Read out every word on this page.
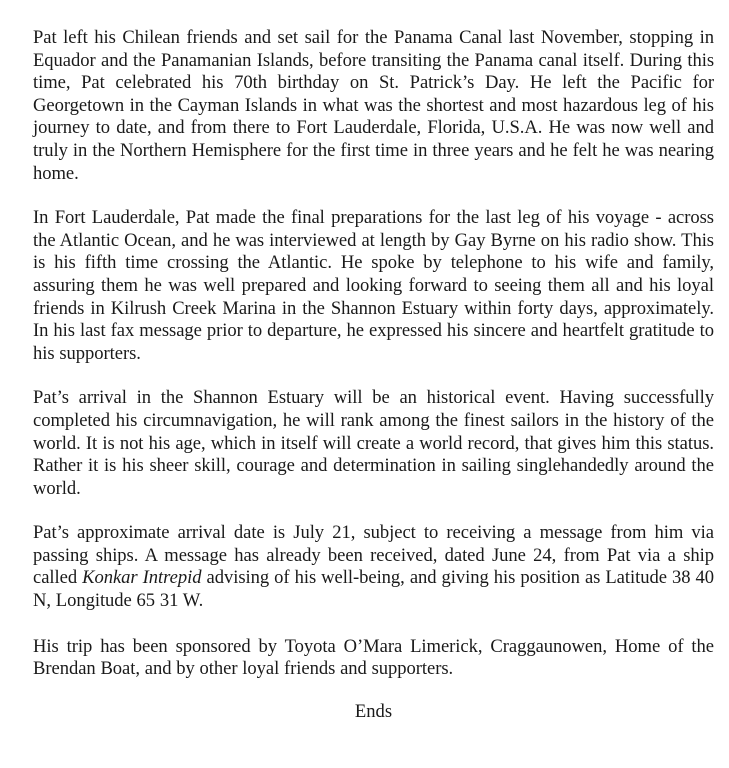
Pat left his Chilean friends and set sail for the Panama Canal last November, stopping in Equador and the Panamanian Islands, before transiting the Panama canal itself. During this time, Pat celebrated his 70th birthday on St. Patrick’s Day. He left the Pacific for Georgetown in the Cayman Islands in what was the shortest and most hazardous leg of his journey to date, and from there to Fort Lauderdale, Florida, U.S.A. He was now well and truly in the Northern Hemisphere for the first time in three years and he felt he was nearing home.

In Fort Lauderdale, Pat made the final preparations for the last leg of his voyage - across the Atlantic Ocean, and he was interviewed at length by Gay Byrne on his radio show. This is his fifth time crossing the Atlantic. He spoke by telephone to his wife and family, assuring them he was well prepared and looking forward to seeing them all and his loyal friends in Kilrush Creek Marina in the Shannon Estuary within forty days, approximately. In his last fax message prior to departure, he expressed his sincere and heartfelt gratitude to his supporters.

Pat’s arrival in the Shannon Estuary will be an historical event. Having successfully completed his circumnavigation, he will rank among the finest sailors in the history of the world. It is not his age, which in itself will create a world record, that gives him this status. Rather it is his sheer skill, courage and determination in sailing singlehandedly around the world.

Pat’s approximate arrival date is July 21, subject to receiving a message from him via passing ships. A message has already been received, dated June 24, from Pat via a ship called Konkar Intrepid advising of his well-being, and giving his position as Latitude 38 40 N, Longitude 65 31 W.

His trip has been sponsored by Toyota O’Mara Limerick, Craggaunowen, Home of the Brendan Boat, and by other loyal friends and supporters.

Ends
